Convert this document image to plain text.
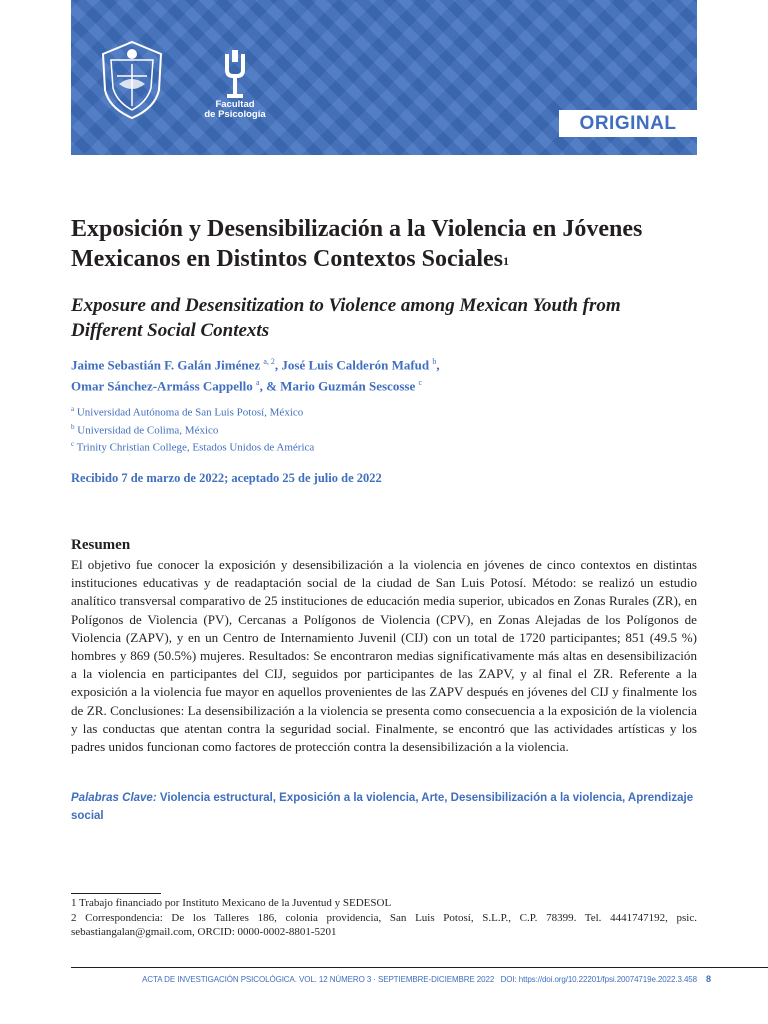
Facultad
de Psicología	ORIGINAL
Exposición y Desensibilización a la Violencia en Jóvenes Mexicanos en Distintos Contextos Sociales$^1$
Exposure and Desensitization to Violence among Mexican Youth from Different Social Contexts
Jaime Sebastián F. Galán Jiménez $^{a, 2}$, José Luis Calderón Mafud $^b$,
Omar Sánchez-Armáss Cappello $^a$, & Mario Guzmán Sescosse $^c$
$^a$ Universidad Autónoma de San Luis Potosí, México
$^b$ Universidad de Colima, México
$^c$ Trinity Christian College, Estados Unidos de América
Recibido 7 de marzo de 2022; aceptado 25 de julio de 2022
Resumen

El objetivo fue conocer la exposición y desensibilización a la violencia en jóvenes de cinco contextos en distintas instituciones educativas y de readaptación social de la ciudad de San Luis Potosí. Método: se realizó un estudio analítico transversal comparativo de 25 instituciones de educación media superior, ubicados en Zonas Rurales (ZR), en Polígonos de Violencia (PV), Cercanas a Polígonos de Violencia (CPV), en Zonas Alejadas de los Polígonos de Violencia (ZAPV), y en un Centro de Internamiento Juvenil (CIJ) con un total de 1720 participantes; 851 (49.5 %) hombres y 869 (50.5%) mujeres. Resultados: Se encontraron medias significativamente más altas en desensibilización a la violencia en participantes del CIJ, seguidos por participantes de las ZAPV, y al final el ZR. Referente a la exposición a la violencia fue mayor en aquellos provenientes de las ZAPV después en jóvenes del CIJ y finalmente los de ZR. Conclusiones: La desensibilización a la violencia se presenta como consecuencia a la exposición de la violencia y las conductas que atentan contra la seguridad social. Finalmente, se encontró que las actividades artísticas y los padres unidos funcionan como factores de protección contra la desensibilización a la violencia.

Palabras Clave: Violencia estructural, Exposición a la violencia, Arte, Desensibilización a la violencia, Aprendizaje social
1 Trabajo financiado por Instituto Mexicano de la Juventud y SEDESOL
2 Correspondencia: De los Talleres 186, colonia providencia, San Luis Potosí, S.L.P., C.P. 78399. Tel. 4441747192, psic. sebastiangalan@gmail.com, ORCID: 0000-0002-8801-5201
ACTA DE INVESTIGACIÓN PSICOLÓGICA. VOL. 12 NÚMERO 3 · SEPTIEMBRE-DICIEMBRE 2022 DOI: https://doi.org/10.22201/fpsi.20074719e.2022.3.458 8
